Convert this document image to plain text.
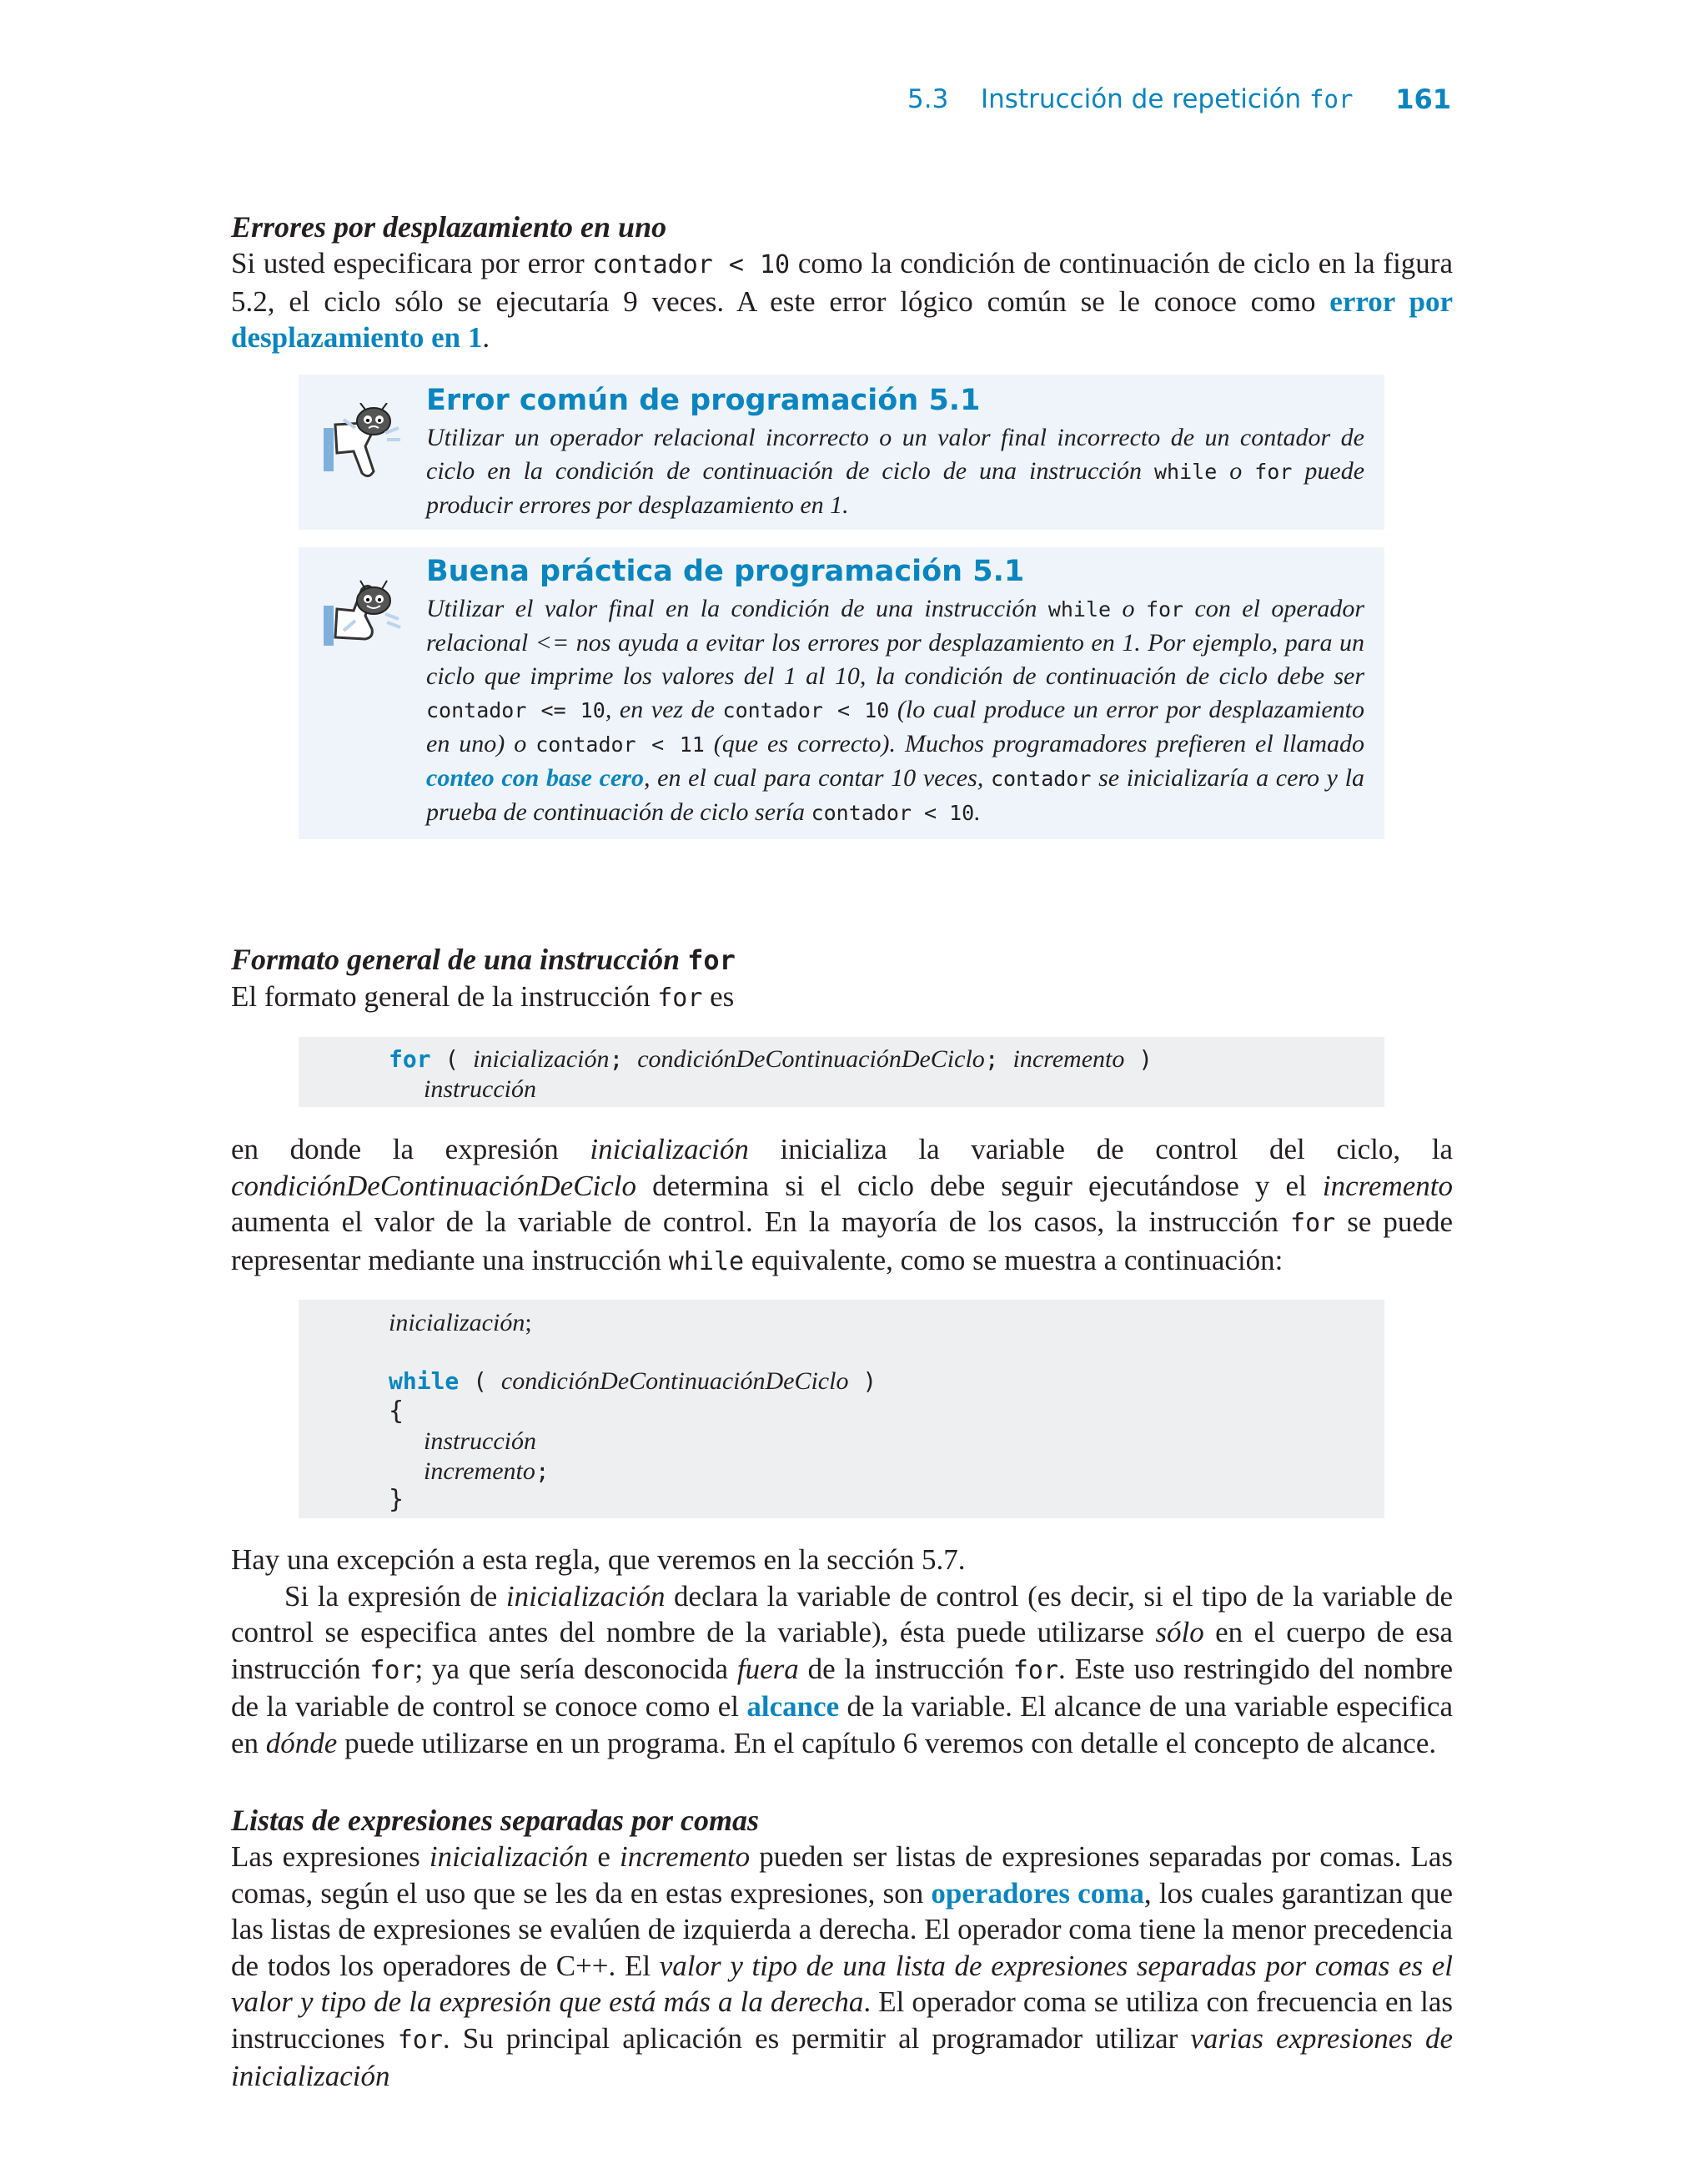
5.3 Instrucción de repetición for 161
Errores por desplazamiento en uno
Si usted especificara por error contador < 10 como la condición de continuación de ciclo en la figura 5.2, el ciclo sólo se ejecutaría 9 veces. A este error lógico común se le conoce como error por desplazamiento en 1.
Error común de programación 5.1
Utilizar un operador relacional incorrecto o un valor final incorrecto de un contador de ciclo en la condición de continuación de ciclo de una instrucción while o for puede producir errores por desplazamiento en 1.
Buena práctica de programación 5.1
Utilizar el valor final en la condición de una instrucción while o for con el operador relacional <= nos ayuda a evitar los errores por desplazamiento en 1. Por ejemplo, para un ciclo que imprime los valores del 1 al 10, la condición de continuación de ciclo debe ser contador <= 10, en vez de contador < 10 (lo cual produce un error por desplazamiento en uno) o contador < 11 (que es correcto). Muchos programadores prefieren el llamado conteo con base cero, en el cual para contar 10 veces, contador se inicializaría a cero y la prueba de continuación de ciclo sería contador < 10.
Formato general de una instrucción for
El formato general de la instrucción for es
for ( inicialización; condiciónDeContinuaciónDeCiclo; incremento )
instrucción
en donde la expresión inicialización inicializa la variable de control del ciclo, la condiciónDeContinuaciónDeCiclo determina si el ciclo debe seguir ejecutándose y el incremento aumenta el valor de la variable de control. En la mayoría de los casos, la instrucción for se puede representar mediante una instrucción while equivalente, como se muestra a continuación:
inicialización;
while ( condiciónDeContinuaciónDeCiclo )
{
instrucción
incremento;
}
Hay una excepción a esta regla, que veremos en la sección 5.7.
Si la expresión de inicialización declara la variable de control (es decir, si el tipo de la variable de control se especifica antes del nombre de la variable), ésta puede utilizarse sólo en el cuerpo de esa instrucción for; ya que sería desconocida fuera de la instrucción for. Este uso restringido del nombre de la variable de control se conoce como el alcance de la variable. El alcance de una variable especifica en dónde puede utilizarse en un programa. En el capítulo 6 veremos con detalle el concepto de alcance.
Listas de expresiones separadas por comas
Las expresiones inicialización e incremento pueden ser listas de expresiones separadas por comas. Las comas, según el uso que se les da en estas expresiones, son operadores coma, los cuales garantizan que las listas de expresiones se evalúen de izquierda a derecha. El operador coma tiene la menor precedencia de todos los operadores de C++. El valor y tipo de una lista de expresiones separadas por comas es el valor y tipo de la expresión que está más a la derecha. El operador coma se utiliza con frecuencia en las instrucciones for. Su principal aplicación es permitir al programador utilizar varias expresiones de inicialización
